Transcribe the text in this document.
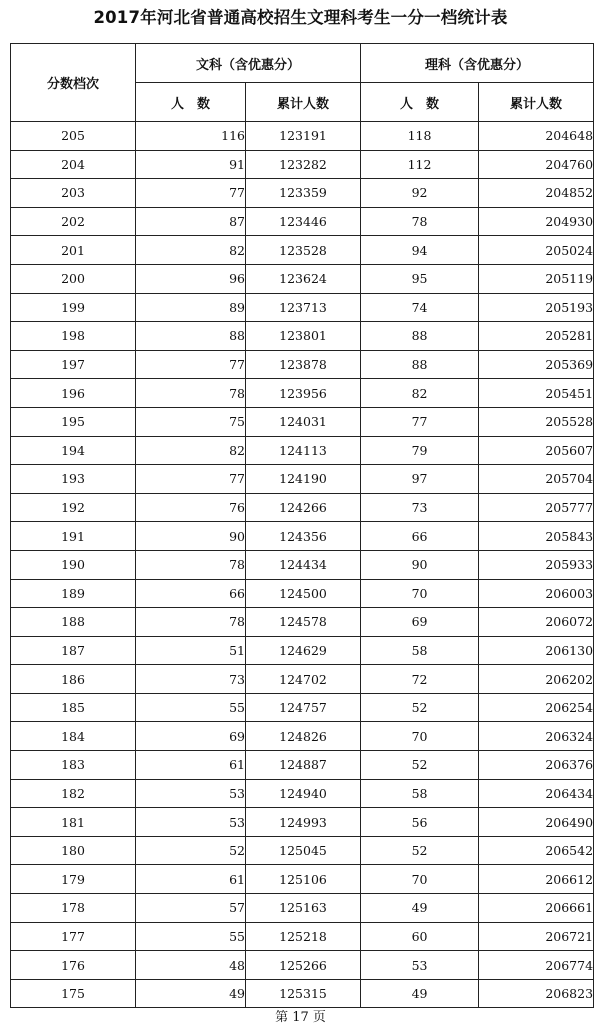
2017年河北省普通高校招生文理科考生一分一档统计表
分数档次	文科（含优惠分）		理科（含优惠分）	
	人　数	累计人数	人　数	累计人数
205	116	123191	118	204648
204	91	123282	112	204760
203	77	123359	92	204852
202	87	123446	78	204930
201	82	123528	94	205024
200	96	123624	95	205119
199	89	123713	74	205193
198	88	123801	88	205281
197	77	123878	88	205369
196	78	123956	82	205451
195	75	124031	77	205528
194	82	124113	79	205607
193	77	124190	97	205704
192	76	124266	73	205777
191	90	124356	66	205843
190	78	124434	90	205933
189	66	124500	70	206003
188	78	124578	69	206072
187	51	124629	58	206130
186	73	124702	72	206202
185	55	124757	52	206254
184	69	124826	70	206324
183	61	124887	52	206376
182	53	124940	58	206434
181	53	124993	56	206490
180	52	125045	52	206542
179	61	125106	70	206612
178	57	125163	49	206661
177	55	125218	60	206721
176	48	125266	53	206774
175	49	125315	49	206823
第 17 页
